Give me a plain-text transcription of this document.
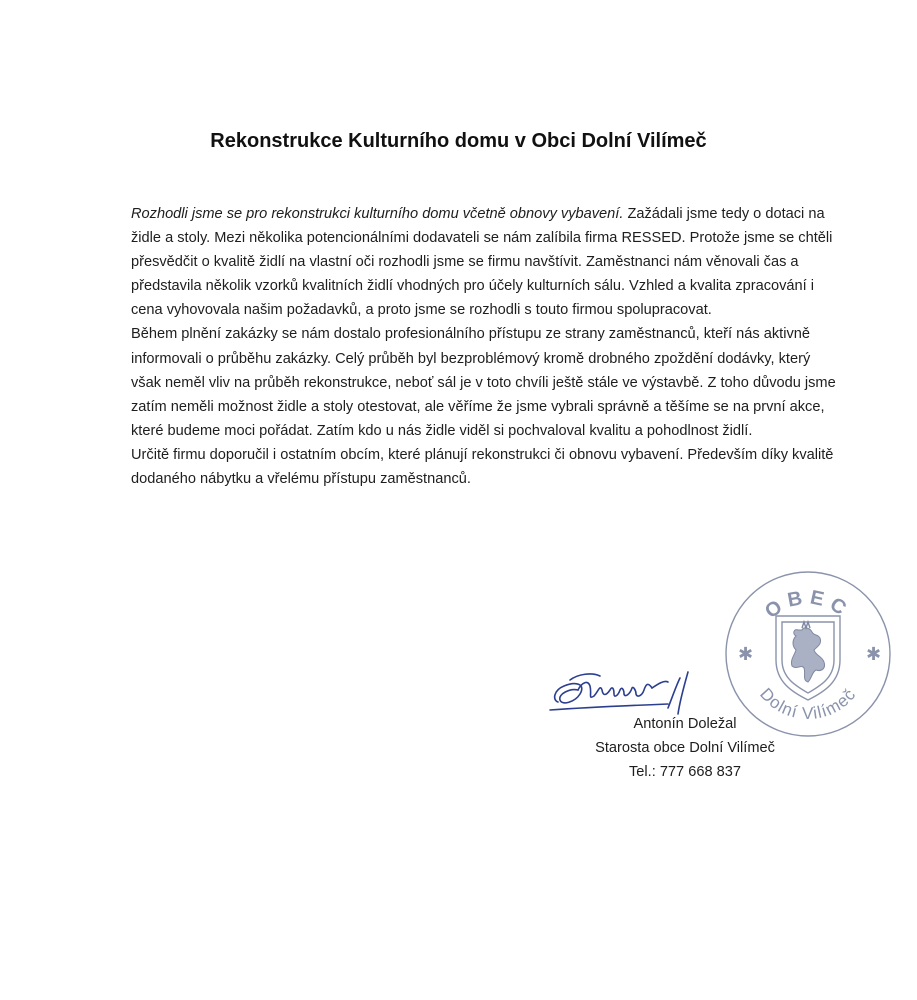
Rekonstrukce Kulturního domu v Obci Dolní Vilímeč

Rozhodli jsme se pro rekonstrukci kulturního domu včetně obnovy vybavení. Zažádali jsme tedy o dotaci na židle a stoly. Mezi několika potencionálními dodavateli se nám zalíbila firma RESSED. Protože jsme se chtěli přesvědčit o kvalitě židlí na vlastní oči rozhodli jsme se firmu navštívit. Zaměstnanci nám věnovali čas a představila několik vzorků kvalitních židlí vhodných pro účely kulturních sálu. Vzhled a kvalita zpracování i cena vyhovovala našim požadavků, a proto jsme se rozhodli s touto firmou spolupracovat.

Během plnění zakázky se nám dostalo profesionálního přístupu ze strany zaměstnanců, kteří nás aktivně informovali o průběhu zakázky. Celý průběh byl bezproblémový kromě drobného zpoždění dodávky, který však neměl vliv na průběh rekonstrukce, neboť sál je v toto chvíli ještě stále ve výstavbě. Z toho důvodu jsme zatím neměli možnost židle a stoly otestovat, ale věříme že jsme vybrali správně a těšíme se na první akce, které budeme moci pořádat. Zatím kdo u nás židle viděl si pochvaloval kvalitu a pohodlnost židlí.

Určitě firmu doporučil i ostatním obcím, které plánují rekonstrukci či obnovu vybavení. Především díky kvalitě dodaného nábytku a vřelému přístupu zaměstnanců.

OBEC
Dolní Vilímeč
✱	✱
Antonín Doležal
Starosta obce Dolní Vilímeč
Tel.: 777 668 837
